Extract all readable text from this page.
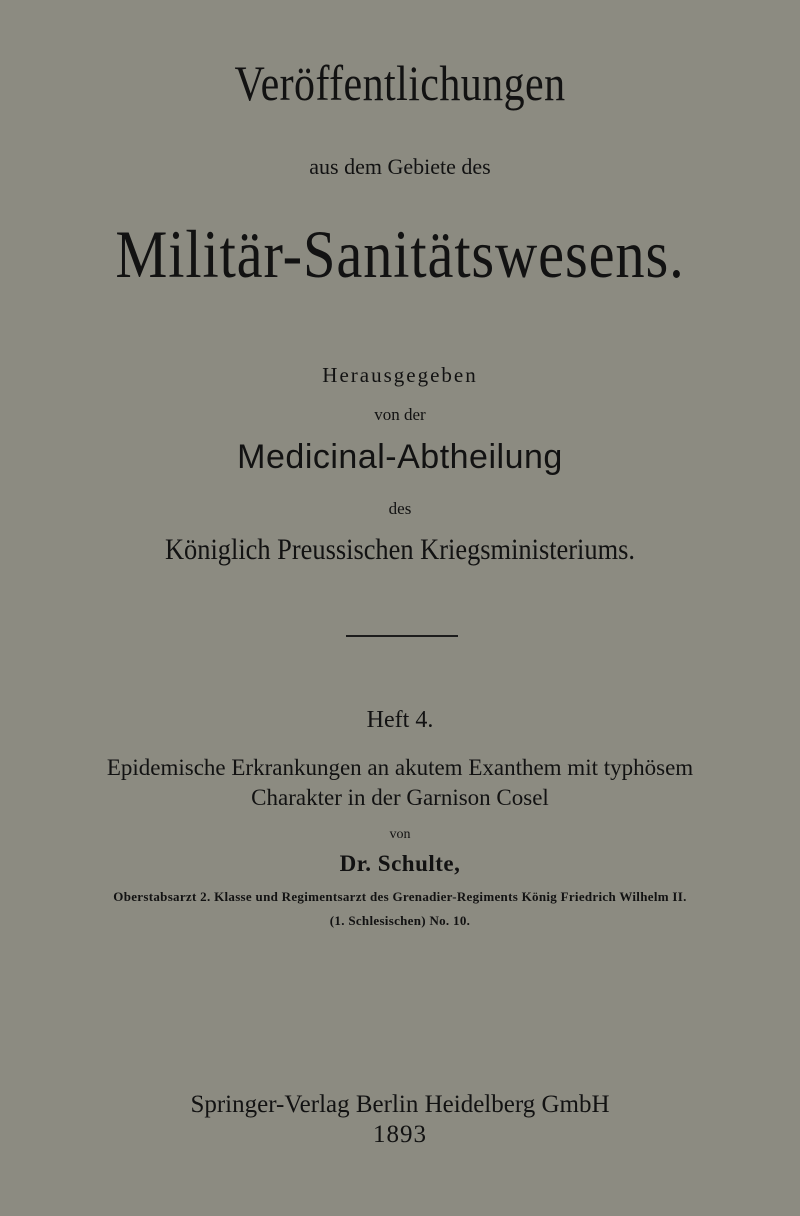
Veröffentlichungen
aus dem Gebiete des
Militär-Sanitätswesens.
Herausgegeben
von der
Medicinal-Abtheilung
des
Königlich Preussischen Kriegsministeriums.
Heft 4.
Epidemische Erkrankungen an akutem Exanthem mit typhösem
Charakter in der Garnison Cosel
von
Dr. Schulte,
Oberstabsarzt 2. Klasse und Regimentsarzt des Grenadier-Regiments König Friedrich Wilhelm II.
(1. Schlesischen) No. 10.
Springer-Verlag Berlin Heidelberg GmbH
1893
